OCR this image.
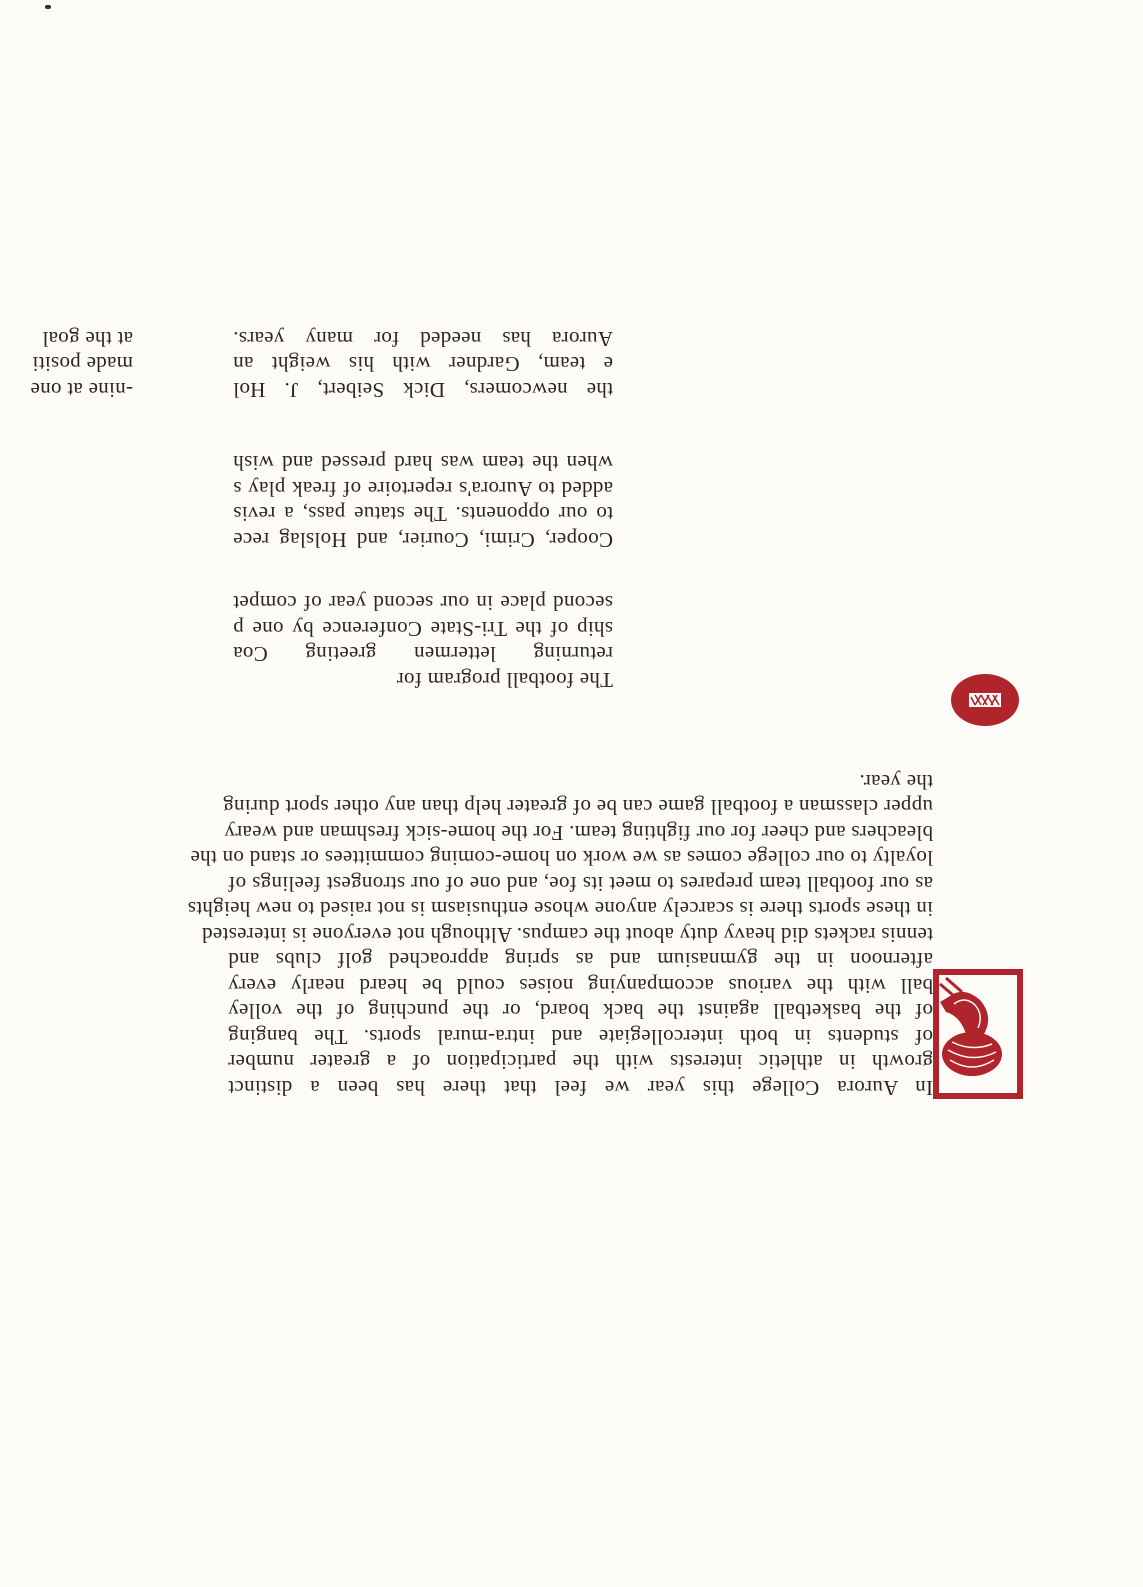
In Aurora College this year we feel that there has been a distinct
growth in athletic interests with the participation of a greater number
of students in both intercollegiate and intra-mural sports. The banging
of the basketball against the back board, or the punching of the volley
ball with the various accompanying noises could be heard nearly every
afternoon in the gymnasium and as spring approached golf clubs and
tennis rackets did heavy duty about the campus. Although not everyone is interested
in these sports there is scarcely anyone whose enthusiasm is not raised to new heights
as our football team prepares to meet its foe, and one of our strongest feelings of
loyalty to our college comes as we work on home-coming committees or stand on the
bleachers and cheer for our fighting team. For the home-sick freshman and weary
upper classman a football game can be of greater help than any other sport during
the year.
The football program for
returning lettermen greeting Coa
ship of the Tri-State Conference by one p
second place in our second year of compet
Cooper, Crimi, Courier, and Holslag rece
to our opponents. The statue pass, a revis
added to Aurora's repertoire of freak play s
when the team was hard pressed and wish
the newcomers, Dick Seibert, J. Hol
e team, Gardner with his weight an
Aurora has needed for many years.
-nine at one
made positi
at the goal
